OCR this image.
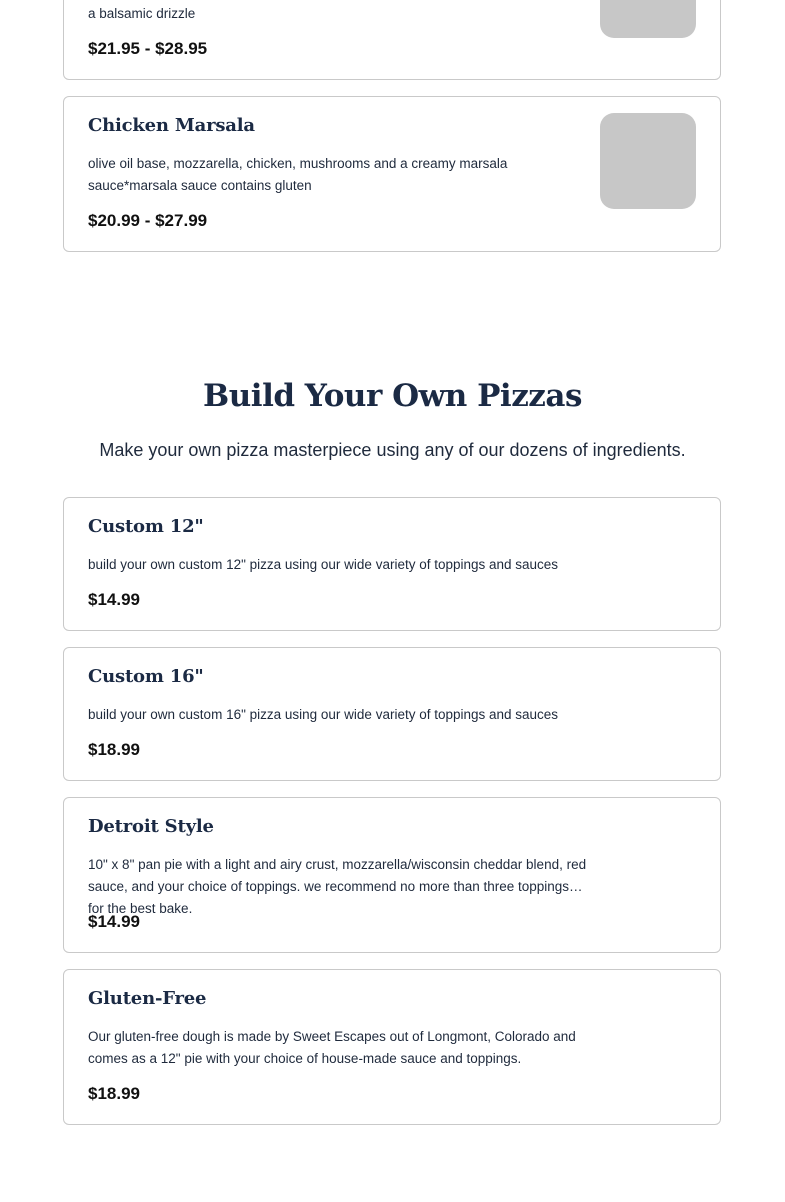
a balsamic drizzle
$21.95 - $28.95
Chicken Marsala
olive oil base, mozzarella, chicken, mushrooms and a creamy marsala sauce*marsala sauce contains gluten
$20.99 - $27.99
Build Your Own Pizzas
Make your own pizza masterpiece using any of our dozens of ingredients.
Custom 12"
build your own custom 12" pizza using our wide variety of toppings and sauces
$14.99
Custom 16"
build your own custom 16" pizza using our wide variety of toppings and sauces
$18.99
Detroit Style
10" x 8" pan pie with a light and airy crust, mozzarella/wisconsin cheddar blend, red sauce, and your choice of toppings. we recommend no more than three toppings for the best bake.
$14.99
Gluten-Free
Our gluten-free dough is made by Sweet Escapes out of Longmont, Colorado and comes as a 12" pie with your choice of house-made sauce and toppings.
$18.99
